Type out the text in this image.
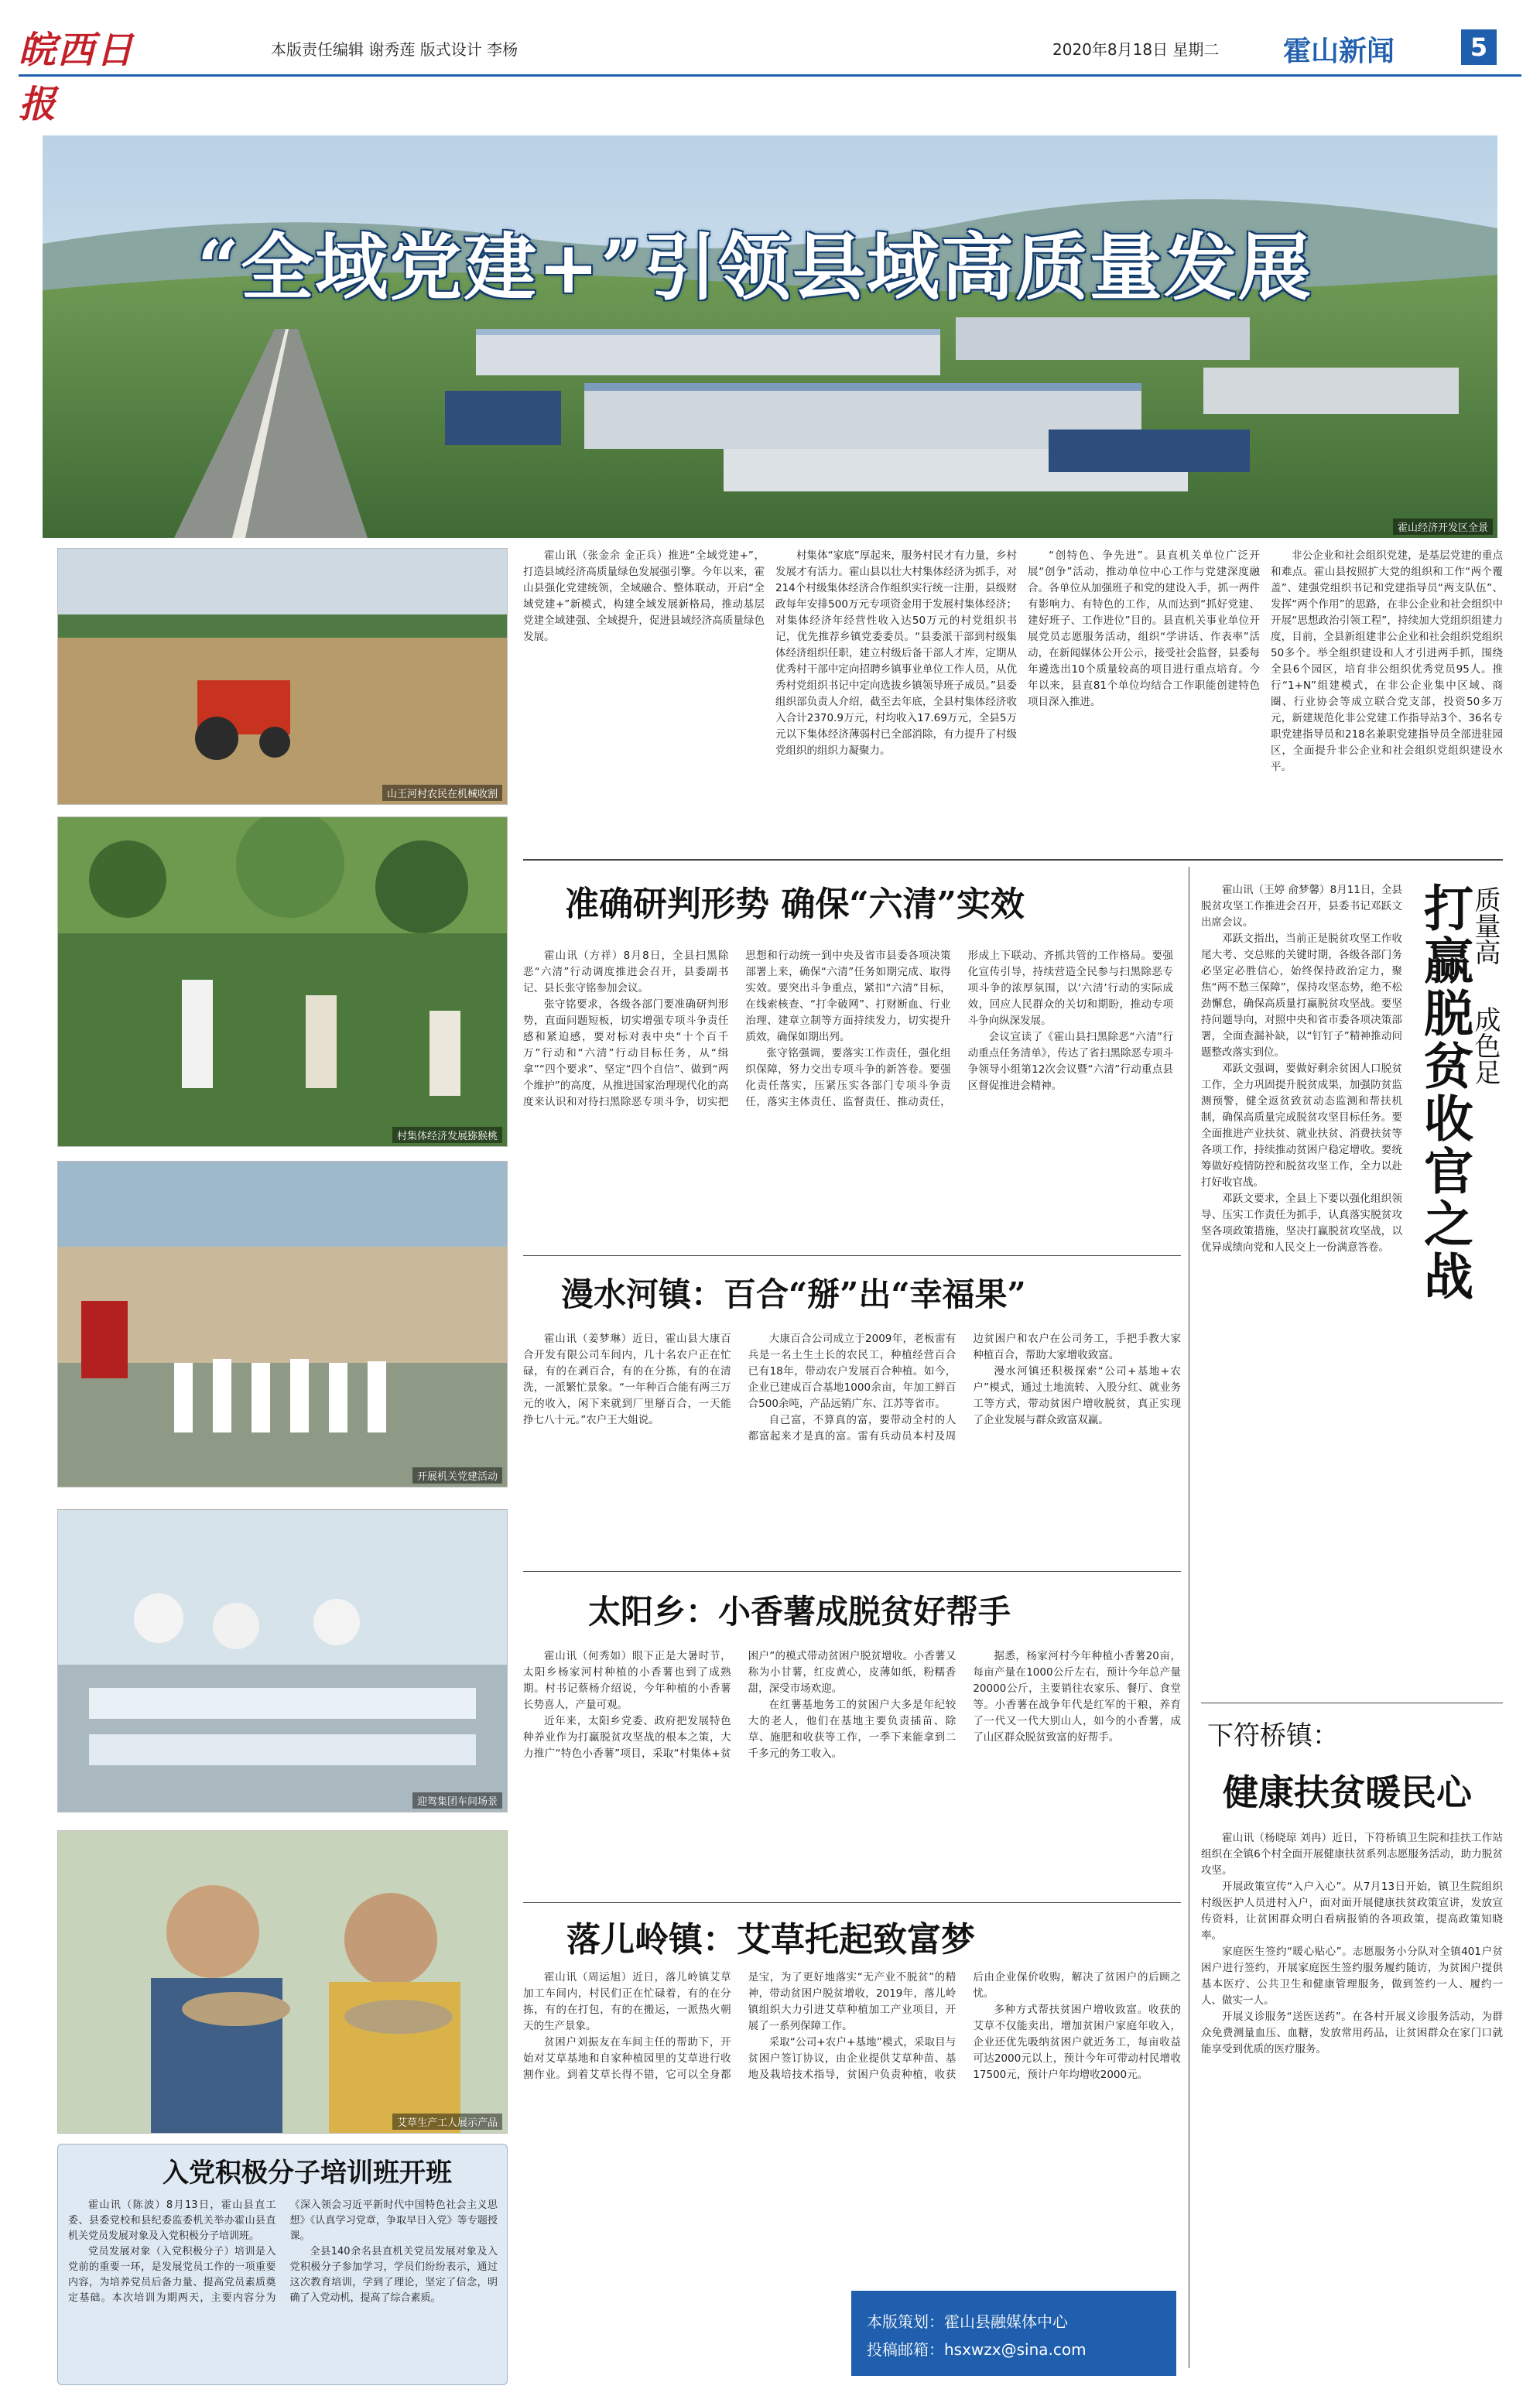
皖西日报
本版责任编辑 谢秀莲 版式设计 李杨	2020年8月18日 星期二 霍山新闻	5
“全域党建+”引领县域高质量发展
霍山经济开发区全景
山王河村农民在机械收割
村集体经济发展猕猴桃
开展机关党建活动
迎驾集团车间场景
艾草生产工人展示产品

霍山讯（张金余 金正兵）推进“全域党建+”，打造县域经济高质量绿色发展强引擎。今年以来，霍山县强化党建统领，全域融合、整体联动，开启“全域党建+”新模式，构建全域发展新格局，推动基层党建全域建强、全域提升，促进县域经济高质量绿色发展。

村集体“家底”厚起来，服务村民才有力量，乡村发展才有活力。霍山县以壮大村集体经济为抓手，对214个村级集体经济合作组织实行统一注册，县级财政每年安排500万元专项资金用于发展村集体经济；对集体经济年经营性收入达50万元的村党组织书记，优先推荐乡镇党委委员。“县委派干部到村级集体经济组织任职，建立村级后备干部人才库，定期从优秀村干部中定向招聘乡镇事业单位工作人员，从优秀村党组织书记中定向选拔乡镇领导班子成员。”县委组织部负责人介绍，截至去年底，全县村集体经济收入合计2370.9万元，村均收入17.69万元，全县5万元以下集体经济薄弱村已全部消除，有力提升了村级党组织的组织力凝聚力。

“创特色、争先进”。县直机关单位广泛开展“创争”活动，推动单位中心工作与党建深度融合。各单位从加强班子和党的建设入手，抓一两件有影响力、有特色的工作，从而达到“抓好党建、建好班子、工作进位”目的。县直机关事业单位开展党员志愿服务活动，组织“学讲话、作表率”活动，在新闻媒体公开公示，接受社会监督，县委每年遴选出10个质量较高的项目进行重点培育。今年以来，县直81个单位均结合工作职能创建特色项目深入推进。

非公企业和社会组织党建，是基层党建的重点和难点。霍山县按照扩大党的组织和工作“两个覆盖”、建强党组织书记和党建指导员“两支队伍”、发挥“两个作用”的思路，在非公企业和社会组织中开展“思想政治引领工程”，持续加大党组织组建力度，目前，全县新组建非公企业和社会组织党组织50多个。举全组织建设和人才引进两手抓，围绕全县6个园区，培育非公组织优秀党员95人。推行“1+N”组建模式，在非公企业集中区域、商圈、行业协会等成立联合党支部，投资50多万元，新建规范化非公党建工作指导站3个、36名专职党建指导员和218名兼职党建指导员全部进驻园区，全面提升非公企业和社会组织党组织建设水平。

准确研判形势 确保“六清”实效

霍山讯（方祥）8月8日，全县扫黑除恶“六清”行动调度推进会召开，县委副书记、县长张守铭参加会议。

张守铭要求，各级各部门要准确研判形势，直面问题短板，切实增强专项斗争责任感和紧迫感，要对标对表中央“十个百千万”行动和“六清”行动目标任务，从“缉拿”“四个要求”、坚定“四个自信”、做到“两个维护”的高度，从推进国家治理现代化的高度来认识和对待扫黑除恶专项斗争，切实把思想和行动统一到中央及省市县委各项决策部署上来，确保“六清”任务如期完成、取得实效。要突出斗争重点，紧扣“六清”目标，在线索核查、“打伞破网”、打财断血、行业治理、建章立制等方面持续发力，切实提升质效，确保如期出列。

张守铭强调，要落实工作责任，强化组织保障，努力交出专项斗争的新答卷。要强化责任落实，压紧压实各部门专项斗争责任，落实主体责任、监督责任、推动责任，形成上下联动、齐抓共管的工作格局。要强化宣传引导，持续营造全民参与扫黑除恶专项斗争的浓厚氛围，以‘六清’行动的实际成效，回应人民群众的关切和期盼，推动专项斗争向纵深发展。

会议宣读了《霍山县扫黑除恶“六清”行动重点任务清单》，传达了省扫黑除恶专项斗争领导小组第12次会议暨“六清”行动重点县区督促推进会精神。

漫水河镇：百合“掰”出“幸福果”

霍山讯（姜梦琳）近日，霍山县大康百合开发有限公司车间内，几十名农户正在忙碌，有的在剥百合，有的在分拣，有的在清洗，一派繁忙景象。“一年种百合能有两三万元的收入，闲下来就到厂里掰百合，一天能挣七八十元。”农户王大姐说。

大康百合公司成立于2009年，老板雷有兵是一名土生土长的农民工，种植经营百合已有18年，带动农户发展百合种植。如今，企业已建成百合基地1000余亩，年加工鲜百合500余吨，产品远销广东、江苏等省市。

自己富，不算真的富，要带动全村的人都富起来才是真的富。雷有兵动员本村及周边贫困户和农户在公司务工，手把手教大家种植百合，帮助大家增收致富。

漫水河镇还积极探索“公司+基地+农户”模式，通过土地流转、入股分红、就业务工等方式，带动贫困户增收脱贫，真正实现了企业发展与群众致富双赢。

太阳乡：小香薯成脱贫好帮手

霍山讯（何秀如）眼下正是大暑时节，太阳乡杨家河村种植的小香薯也到了成熟期。村书记蔡杨介绍说，今年种植的小香薯长势喜人，产量可观。

近年来，太阳乡党委、政府把发展特色种养业作为打赢脱贫攻坚战的根本之策，大力推广“特色小香薯”项目，采取“村集体+贫困户”的模式带动贫困户脱贫增收。小香薯又称为小甘薯，红皮黄心，皮薄如纸，粉糯香甜，深受市场欢迎。

在红薯基地务工的贫困户大多是年纪较大的老人，他们在基地主要负责插苗、除草、施肥和收获等工作，一季下来能拿到二千多元的务工收入。

据悉，杨家河村今年种植小香薯20亩，每亩产量在1000公斤左右，预计今年总产量20000公斤，主要销往农家乐、餐厅、食堂等。小香薯在战争年代是红军的干粮，养育了一代又一代大别山人，如今的小香薯，成了山区群众脱贫致富的好帮手。

落儿岭镇：艾草托起致富梦

霍山讯（周运旭）近日，落儿岭镇艾草加工车间内，村民们正在忙碌着，有的在分拣，有的在打包，有的在搬运，一派热火朝天的生产景象。

贫困户刘振友在车间主任的帮助下，开始对艾草基地和自家种植园里的艾草进行收割作业。到着艾草长得不错，它可以全身都是宝，为了更好地落实“无产业不脱贫”的精神，带动贫困户脱贫增收，2019年，落儿岭镇组织大力引进艾草种植加工产业项目，开展了一系列保障工作。

采取“公司+农户+基地”模式，采取目与贫困户签订协议，由企业提供艾草种苗、基地及栽培技术指导，贫困户负责种植，收获后由企业保价收购，解决了贫困户的后顾之忧。

多种方式帮扶贫困户增收致富。收获的艾草不仅能卖出，增加贫困户家庭年收入，企业还优先吸纳贫困户就近务工，每亩收益可达2000元以上，预计今年可带动村民增收17500元，预计户年均增收2000元。

霍山讯（王婷 俞梦馨）8月11日，全县脱贫攻坚工作推进会召开，县委书记邓跃文出席会议。

邓跃文指出，当前正是脱贫攻坚工作收尾大考、交总账的关键时期，各级各部门务必坚定必胜信心，始终保持政治定力，聚焦“两不愁三保障”，保持攻坚态势，绝不松劲懈怠，确保高质量打赢脱贫攻坚战。要坚持问题导向，对照中央和省市委各项决策部署，全面查漏补缺，以“钉钉子”精神推动问题整改落实到位。

邓跃文强调，要做好剩余贫困人口脱贫工作，全力巩固提升脱贫成果，加强防贫监测预警，健全返贫致贫动态监测和帮扶机制，确保高质量完成脱贫攻坚目标任务。要全面推进产业扶贫、就业扶贫、消费扶贫等各项工作，持续推动贫困户稳定增收。要统筹做好疫情防控和脱贫攻坚工作，全力以赴打好收官战。

邓跃文要求，全县上下要以强化组织领导、压实工作责任为抓手，认真落实脱贫攻坚各项政策措施，坚决打赢脱贫攻坚战，以优异成绩向党和人民交上一份满意答卷。

质量高
成色足
打赢脱贫收官之战
下符桥镇：
健康扶贫暖民心

霍山讯（杨晓琼 刘冉）近日，下符桥镇卫生院和挂扶工作站组织在全镇6个村全面开展健康扶贫系列志愿服务活动，助力脱贫攻坚。

开展政策宣传“入户入心”。从7月13日开始，镇卫生院组织村级医护人员进村入户，面对面开展健康扶贫政策宣讲，发放宣传资料，让贫困群众明白看病报销的各项政策，提高政策知晓率。

家庭医生签约“暖心贴心”。志愿服务小分队对全镇401户贫困户进行签约，开展家庭医生签约服务履约随访，为贫困户提供基本医疗、公共卫生和健康管理服务，做到签约一人、履约一人、做实一人。

开展义诊服务“送医送药”。在各村开展义诊服务活动，为群众免费测量血压、血糖，发放常用药品，让贫困群众在家门口就能享受到优质的医疗服务。

入党积极分子培训班开班

霍山讯（陈波）8月13日，霍山县直工委、县委党校和县纪委监委机关举办霍山县直机关党员发展对象及入党积极分子培训班。

党员发展对象（入党积极分子）培训是入党前的重要一环，是发展党员工作的一项重要内容，为培养党员后备力量、提高党员素质奠定基础。本次培训为期两天，主要内容分为《深入领会习近平新时代中国特色社会主义思想》《认真学习党章，争取早日入党》等专题授课。

全县140余名县直机关党员发展对象及入党积极分子参加学习，学员们纷纷表示，通过这次教育培训，学到了理论，坚定了信念，明确了入党动机，提高了综合素质。

本版策划：霍山县融媒体中心
投稿邮箱：hsxwzx@sina.com
